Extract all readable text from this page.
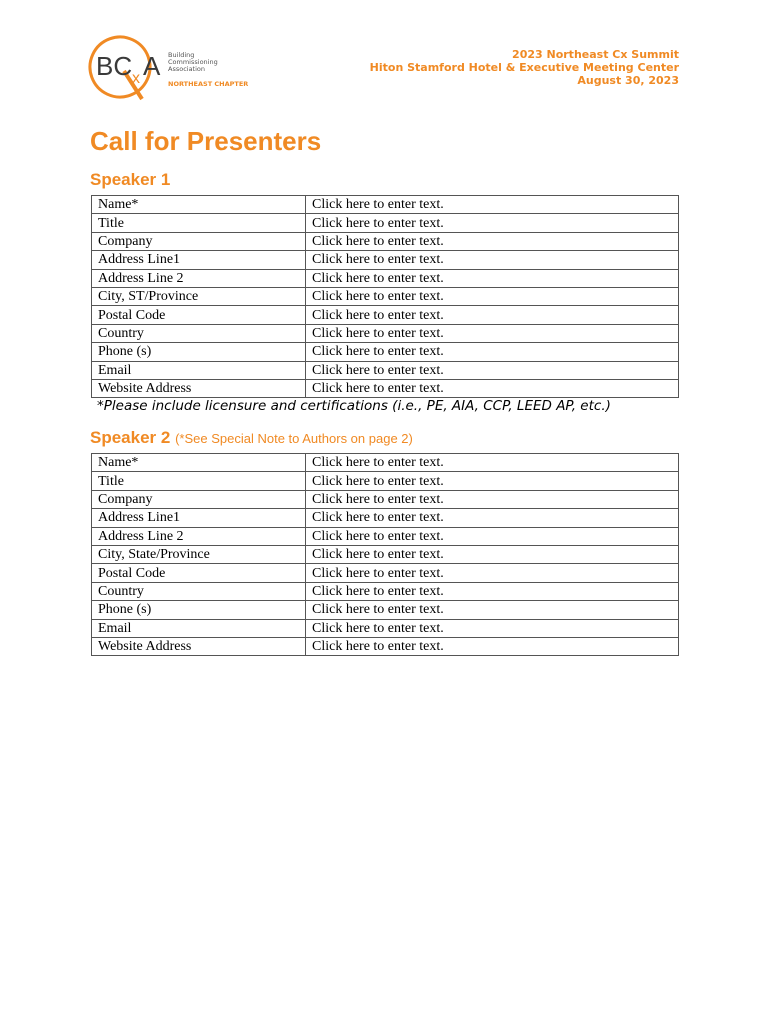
BC x A Building
Commissioning
Association
NORTHEAST CHAPTER
2023 Northeast Cx Summit
Hiton Stamford Hotel & Executive Meeting Center
August 30, 2023
Call for Presenters
Speaker 1
Name*	Click here to enter text.
Title	Click here to enter text.
Company	Click here to enter text.
Address Line1	Click here to enter text.
Address Line 2	Click here to enter text.
City, ST/Province	Click here to enter text.
Postal Code	Click here to enter text.
Country	Click here to enter text.
Phone (s)	Click here to enter text.
Email	Click here to enter text.
Website Address	Click here to enter text.
*Please include licensure and certifications (i.e., PE, AIA, CCP, LEED AP, etc.)
Speaker 2 (*See Special Note to Authors on page 2)
Name*	Click here to enter text.
Title	Click here to enter text.
Company	Click here to enter text.
Address Line1	Click here to enter text.
Address Line 2	Click here to enter text.
City, State/Province	Click here to enter text.
Postal Code	Click here to enter text.
Country	Click here to enter text.
Phone (s)	Click here to enter text.
Email	Click here to enter text.
Website Address	Click here to enter text.
